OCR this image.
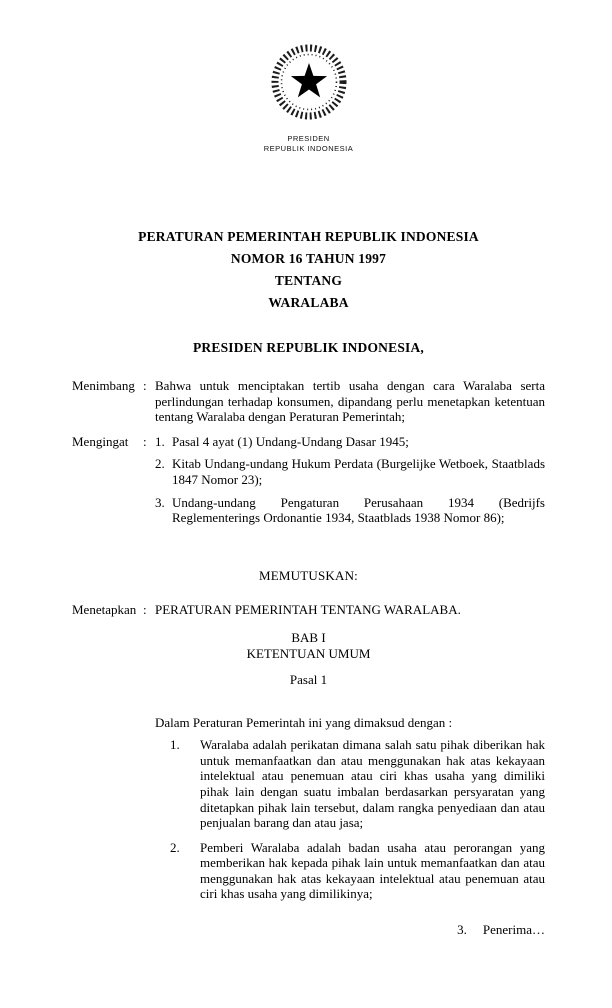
PRESIDEN
REPUBLIK INDONESIA
PERATURAN PEMERINTAH REPUBLIK INDONESIA
NOMOR 16 TAHUN 1997
TENTANG
WARALABA
PRESIDEN REPUBLIK INDONESIA,
Menimbang : Bahwa untuk menciptakan tertib usaha dengan cara Waralaba serta perlindungan terhadap konsumen, dipandang perlu menetapkan ketentuan tentang Waralaba dengan Peraturan Pemerintah;
Mengingat	: 1. Pasal 4 ayat (1) Undang-Undang Dasar 1945;
2. Kitab Undang-undang Hukum Perdata (Burgelijke Wetboek, Staatblads 1847 Nomor 23);
3. Undang-undang Pengaturan Perusahaan 1934 (Bedrijfs Reglementerings Ordonantie 1934, Staatblads 1938 Nomor 86);
MEMUTUSKAN:
Menetapkan : PERATURAN PEMERINTAH TENTANG WARALABA.
BAB I
KETENTUAN UMUM
Pasal 1
Dalam Peraturan Pemerintah ini yang dimaksud dengan :
1.	Waralaba adalah perikatan dimana salah satu pihak diberikan hak untuk memanfaatkan dan atau menggunakan hak atas kekayaan intelektual atau penemuan atau ciri khas usaha yang dimiliki pihak lain dengan suatu imbalan berdasarkan persyaratan yang ditetapkan pihak lain tersebut, dalam rangka penyediaan dan atau penjualan barang dan atau jasa;
2.	Pemberi Waralaba adalah badan usaha atau perorangan yang memberikan hak kepada pihak lain untuk memanfaatkan dan atau menggunakan hak atas kekayaan intelektual atau penemuan atau ciri khas usaha yang dimilikinya;
3. Penerima…
